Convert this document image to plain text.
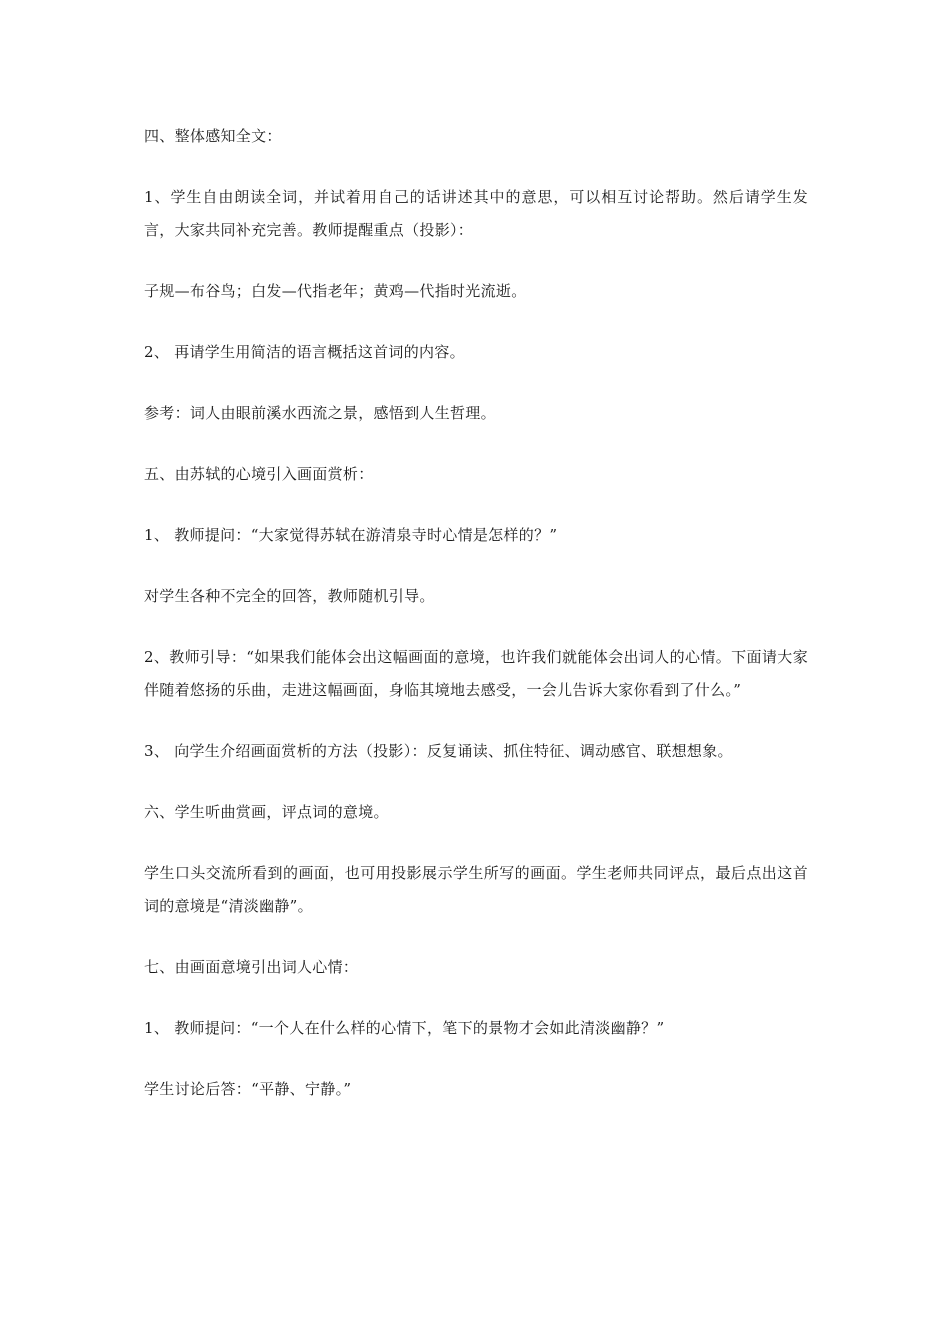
四、整体感知全文：

1、学生自由朗读全词，并试着用自己的话讲述其中的意思，可以相互讨论帮助。然后请学生发言，大家共同补充完善。教师提醒重点（投影）：

子规—布谷鸟；白发—代指老年；黄鸡—代指时光流逝。

2、 再请学生用简洁的语言概括这首词的内容。

参考：词人由眼前溪水西流之景，感悟到人生哲理。

五、由苏轼的心境引入画面赏析：

1、 教师提问：“大家觉得苏轼在游清泉寺时心情是怎样的？”

对学生各种不完全的回答，教师随机引导。

2、教师引导：“如果我们能体会出这幅画面的意境，也许我们就能体会出词人的心情。下面请大家伴随着悠扬的乐曲，走进这幅画面，身临其境地去感受，一会儿告诉大家你看到了什么。”

3、 向学生介绍画面赏析的方法（投影）：反复诵读、抓住特征、调动感官、联想想象。

六、学生听曲赏画，评点词的意境。

学生口头交流所看到的画面，也可用投影展示学生所写的画面。学生老师共同评点，最后点出这首词的意境是“清淡幽静”。

七、由画面意境引出词人心情：

1、 教师提问：“一个人在什么样的心情下，笔下的景物才会如此清淡幽静？”

学生讨论后答：“平静、宁静。”
